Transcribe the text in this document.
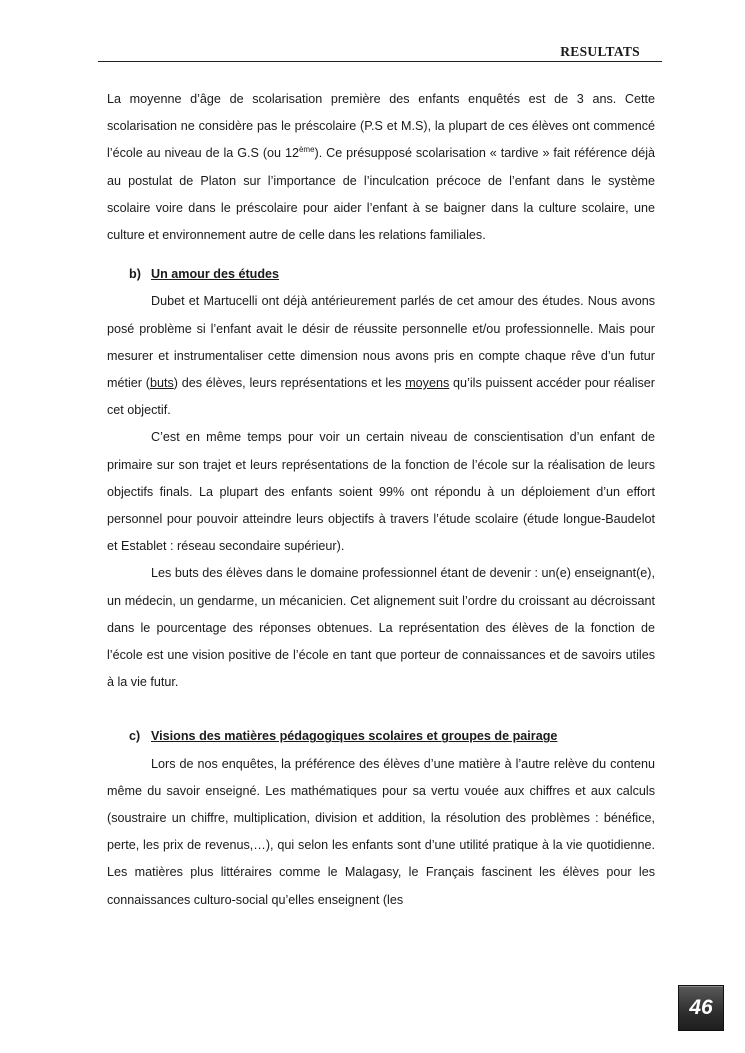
RESULTATS

La moyenne d’âge de scolarisation première des enfants enquêtés est de 3 ans. Cette scolarisation ne considère pas le préscolaire (P.S et M.S), la plupart de ces élèves ont commencé l’école au niveau de la G.S (ou 12ème). Ce présupposé scolarisation « tardive » fait référence déjà au postulat de Platon sur l’importance de l’inculcation précoce de l’enfant dans le système scolaire voire dans le préscolaire pour aider l’enfant à se baigner dans la culture scolaire, une culture et environnement autre de celle dans les relations familiales.

b) Un amour des études

Dubet et Martucelli ont déjà antérieurement parlés de cet amour des études. Nous avons posé problème si l’enfant avait le désir de réussite personnelle et/ou professionnelle. Mais pour mesurer et instrumentaliser cette dimension nous avons pris en compte chaque rêve d’un futur métier (buts) des élèves, leurs représentations et les moyens qu’ils puissent accéder pour réaliser cet objectif.

C’est en même temps pour voir un certain niveau de conscientisation d’un enfant de primaire sur son trajet et leurs représentations de la fonction de l’école sur la réalisation de leurs objectifs finals. La plupart des enfants soient 99% ont répondu à un déploiement d’un effort personnel pour pouvoir atteindre leurs objectifs à travers l’étude scolaire (étude longue-Baudelot et Establet : réseau secondaire supérieur).

Les buts des élèves dans le domaine professionnel étant de devenir : un(e) enseignant(e), un médecin, un gendarme, un mécanicien. Cet alignement suit l’ordre du croissant au décroissant dans le pourcentage des réponses obtenues. La représentation des élèves de la fonction de l’école est une vision positive de l’école en tant que porteur de connaissances et de savoirs utiles à la vie futur.

c) Visions des matières pédagogiques scolaires et groupes de pairage

Lors de nos enquêtes, la préférence des élèves d’une matière à l’autre relève du contenu même du savoir enseigné. Les mathématiques pour sa vertu vouée aux chiffres et aux calculs (soustraire un chiffre, multiplication, division et addition, la résolution des problèmes : bénéfice, perte, les prix de revenus,…), qui selon les enfants sont d’une utilité pratique à la vie quotidienne. Les matières plus littéraires comme le Malagasy, le Français fascinent les élèves pour les connaissances culturo-social qu’elles enseignent (les

46
